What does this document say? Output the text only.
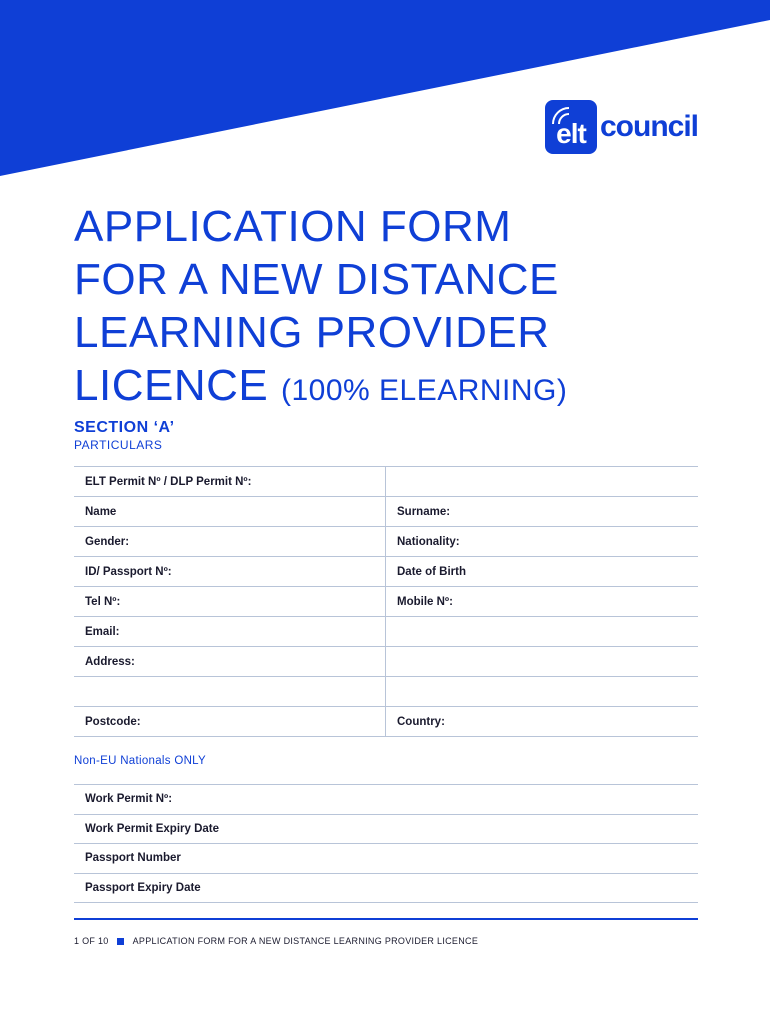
elt council
APPLICATION FORM
FOR A NEW DISTANCE
LEARNING PROVIDER
LICENCE (100% ELEARNING)
SECTION ‘A’
PARTICULARS
ELT Permit Nº / DLP Permit Nº:
Name	Surname:
Gender:	Nationality:
ID/ Passport Nº:	Date of Birth
Tel Nº:	Mobile Nº:
Email:
Address:
Postcode:	Country:
Non-EU Nationals ONLY
Work Permit Nº:
Work Permit Expiry Date
Passport Number
Passport Expiry Date
1 OF 10	APPLICATION FORM FOR A NEW DISTANCE LEARNING PROVIDER LICENCE
